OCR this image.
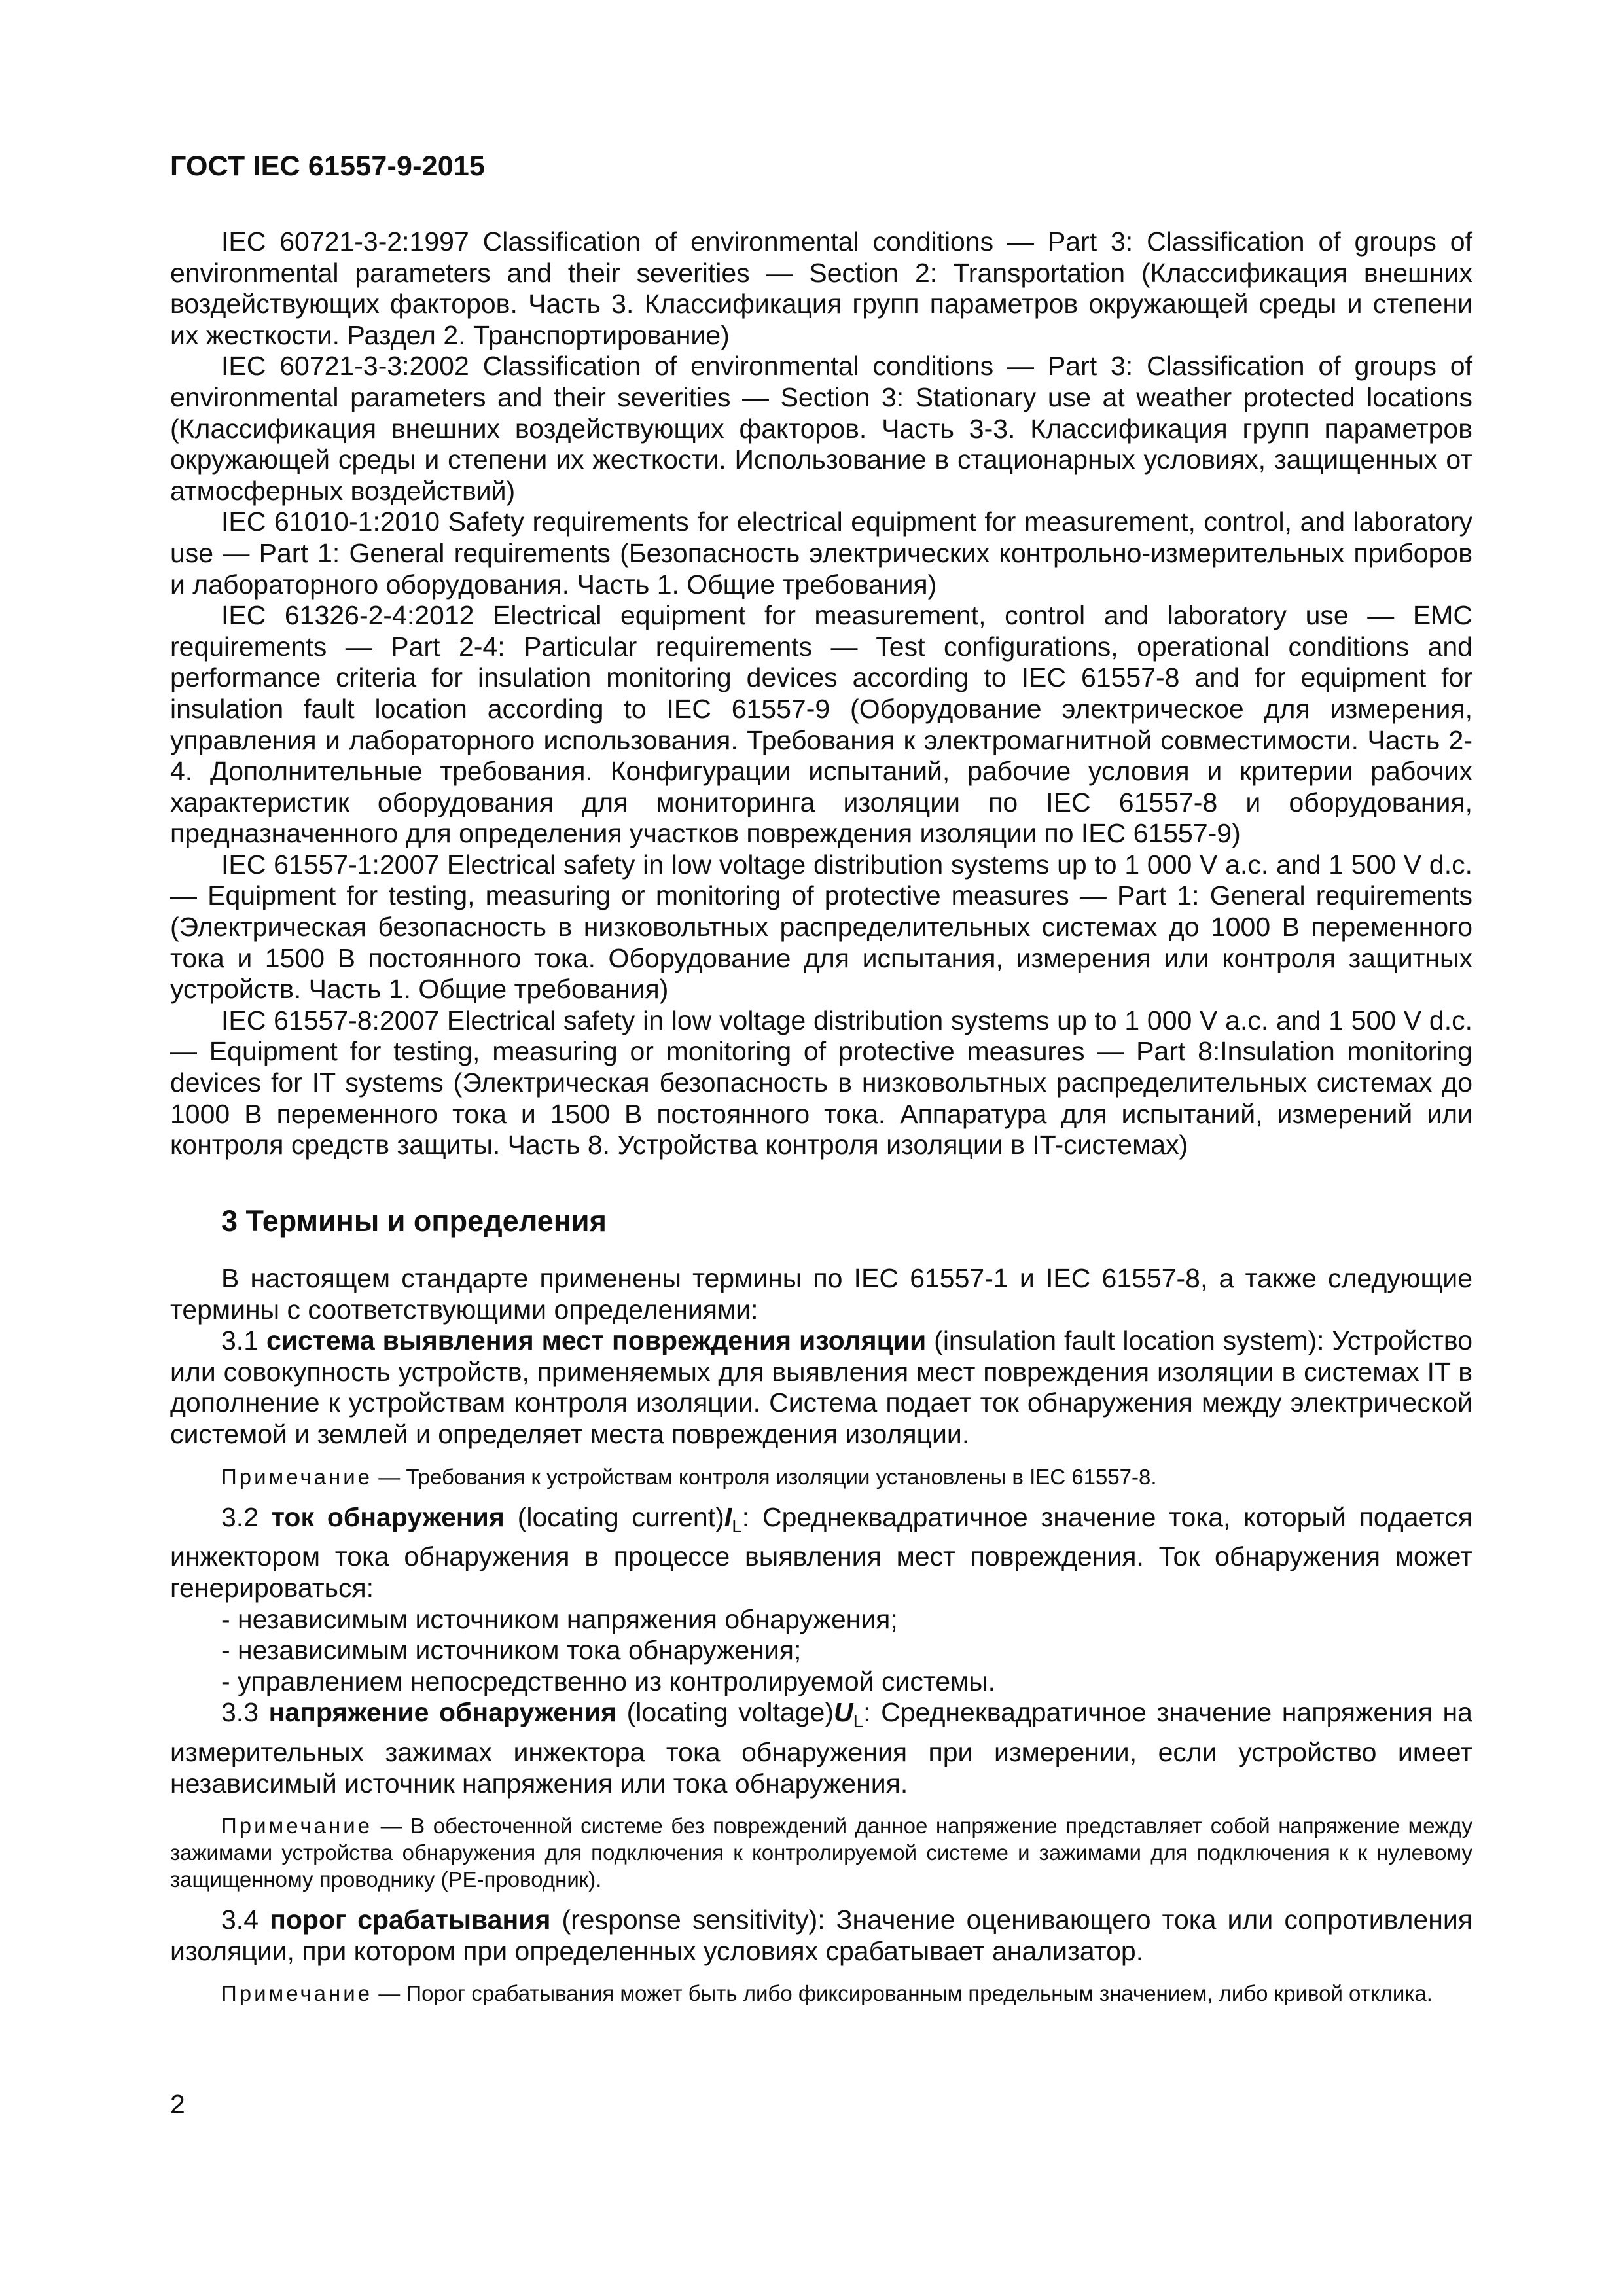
ГОСТ IEC 61557-9-2015

IEC 60721-3-2:1997 Classification of environmental conditions — Part 3: Classification of groups of environmental parameters and their severities — Section 2: Transportation (Классификация внешних воздействующих факторов. Часть 3. Классификация групп параметров окружающей среды и степени их жесткости. Раздел 2. Транспортирование)

IEC 60721-3-3:2002 Classification of environmental conditions — Part 3: Classification of groups of environmental parameters and their severities — Section 3: Stationary use at weather protected locations (Классификация внешних воздействующих факторов. Часть 3-3. Классификация групп параметров окружающей среды и степени их жесткости. Использование в стационарных условиях, защищенных от атмосферных воздействий)

IEC 61010-1:2010 Safety requirements for electrical equipment for measurement, control, and laboratory use — Part 1: General requirements (Безопасность электрических контрольно-измерительных приборов и лабораторного оборудования. Часть 1. Общие требования)

IEC 61326-2-4:2012 Electrical equipment for measurement, control and laboratory use — EMC requirements — Part 2-4: Particular requirements — Test configurations, operational conditions and performance criteria for insulation monitoring devices according to IEC 61557-8 and for equipment for insulation fault location according to IEC 61557-9 (Оборудование электрическое для измерения, управления и лабораторного использования. Требования к электромагнитной совместимости. Часть 2-4. Дополнительные требования. Конфигурации испытаний, рабочие условия и критерии рабочих характеристик оборудования для мониторинга изоляции по IEC 61557-8 и оборудования, предназначенного для определения участков повреждения изоляции по IEC 61557-9)

IEC 61557-1:2007 Electrical safety in low voltage distribution systems up to 1 000 V a.c. and 1 500 V d.c. — Equipment for testing, measuring or monitoring of protective measures — Part 1: General requirements (Электрическая безопасность в низковольтных распределительных системах до 1000 В переменного тока и 1500 В постоянного тока. Оборудование для испытания, измерения или контроля защитных устройств. Часть 1. Общие требования)

IEC 61557-8:2007 Electrical safety in low voltage distribution systems up to 1 000 V a.c. and 1 500 V d.c. — Equipment for testing, measuring or monitoring of protective measures — Part 8:Insulation monitoring devices for IT systems (Электрическая безопасность в низковольтных распределительных системах до 1000 В переменного тока и 1500 В постоянного тока. Аппаратура для испытаний, измерений или контроля средств защиты. Часть 8. Устройства контроля изоляции в IT-системах)

3 Термины и определения

В настоящем стандарте применены термины по IEC 61557-1 и IEC 61557-8, а также следующие термины с соответствующими определениями:

3.1 система выявления мест повреждения изоляции (insulation fault location system): Устройство или совокупность устройств, применяемых для выявления мест повреждения изоляции в системах IT в дополнение к устройствам контроля изоляции. Система подает ток обнаружения между электрической системой и землей и определяет места повреждения изоляции.

Примечание — Требования к устройствам контроля изоляции установлены в IEC 61557-8.

3.2 ток обнаружения (locating $current)I_L$: Среднеквадратичное значение тока, который подается инжектором тока обнаружения в процессе выявления мест повреждения. Ток обнаружения может генерироваться:

- независимым источником напряжения обнаружения;

- независимым источником тока обнаружения;

- управлением непосредственно из контролируемой системы.

3.3 напряжение обнаружения (locating $voltage)U_L$: Среднеквадратичное значение напряжения на измерительных зажимах инжектора тока обнаружения при измерении, если устройство имеет независимый источник напряжения или тока обнаружения.

Примечание — В обесточенной системе без повреждений данное напряжение представляет собой напряжение между зажимами устройства обнаружения для подключения к контролируемой системе и зажимами для подключения к к нулевому защищенному проводнику (PE-проводник).

3.4 порог срабатывания (response sensitivity): Значение оценивающего тока или сопротивления изоляции, при котором при определенных условиях срабатывает анализатор.

Примечание — Порог срабатывания может быть либо фиксированным предельным значением, либо кривой отклика.

2
